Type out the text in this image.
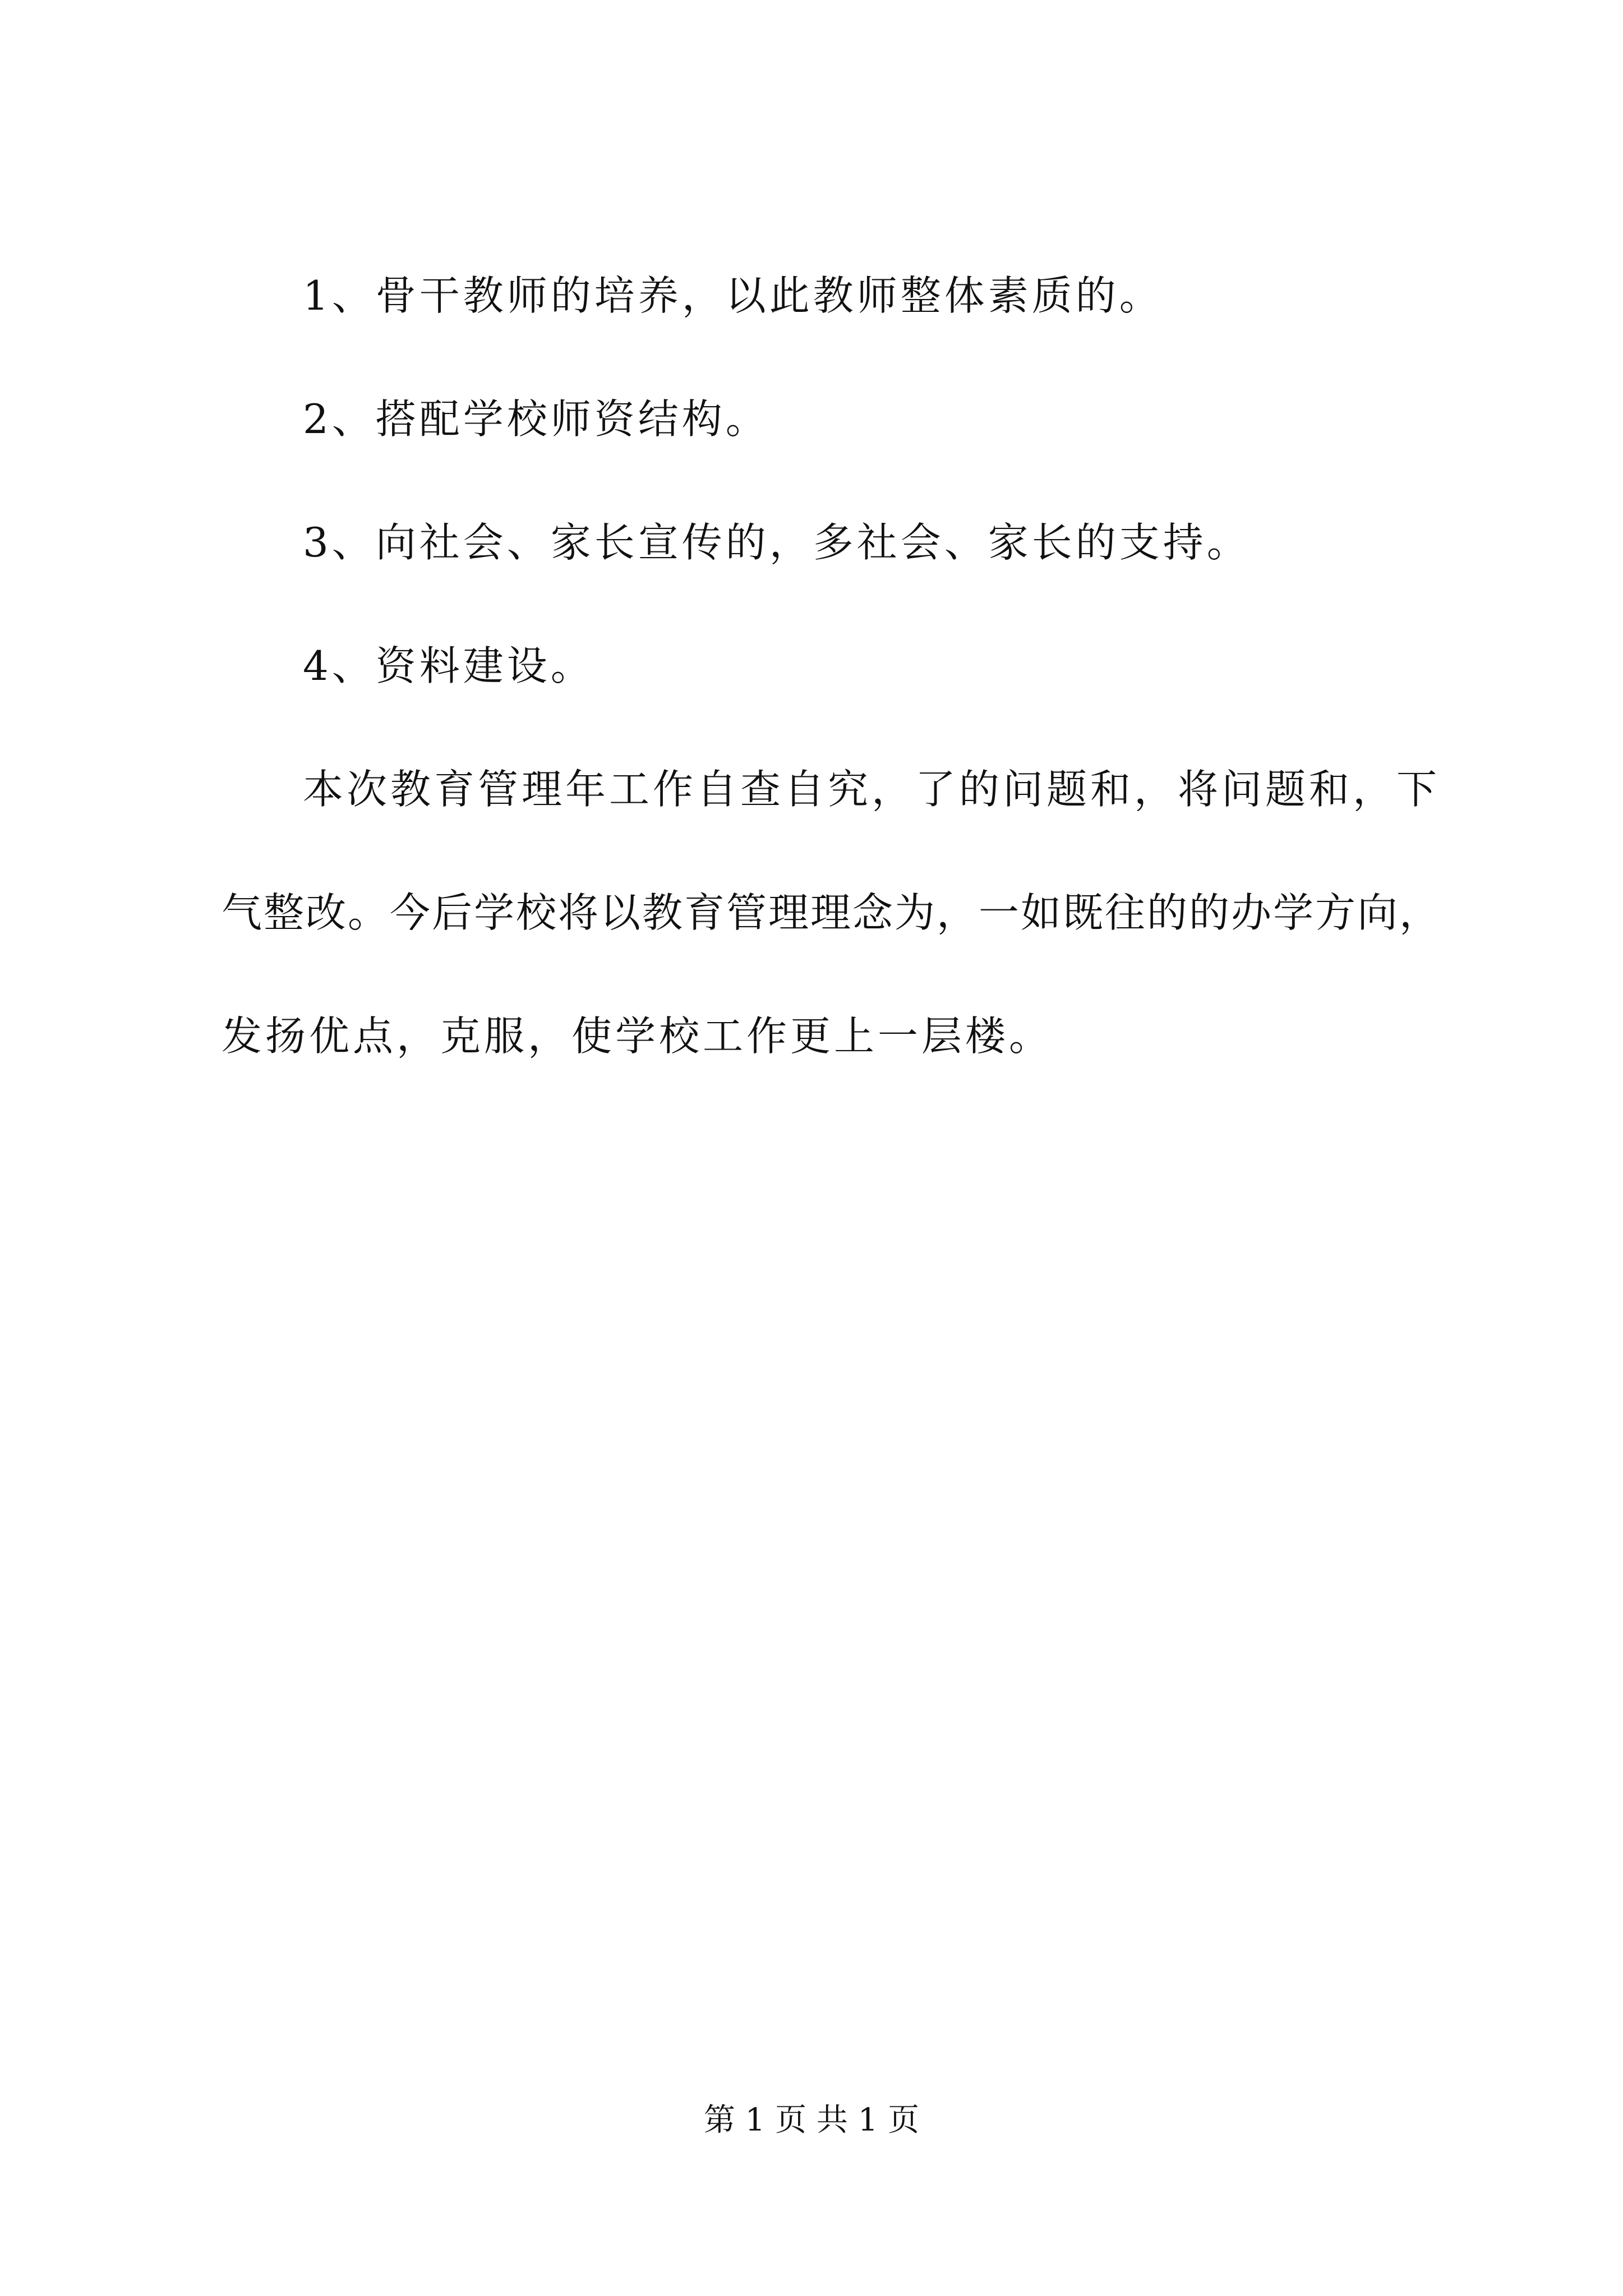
1、骨干教师的培养，以此教师整体素质的。
2、搭配学校师资结构。
3、向社会、家长宣传的，多社会、家长的支持。
4、资料建设。
本次教育管理年工作自查自究，了的问题和，将问题和，下
气整改。今后学校将以教育管理理念为，一如既往的的办学方向，
发扬优点，克服，使学校工作更上一层楼。
第 1 页 共 1 页
